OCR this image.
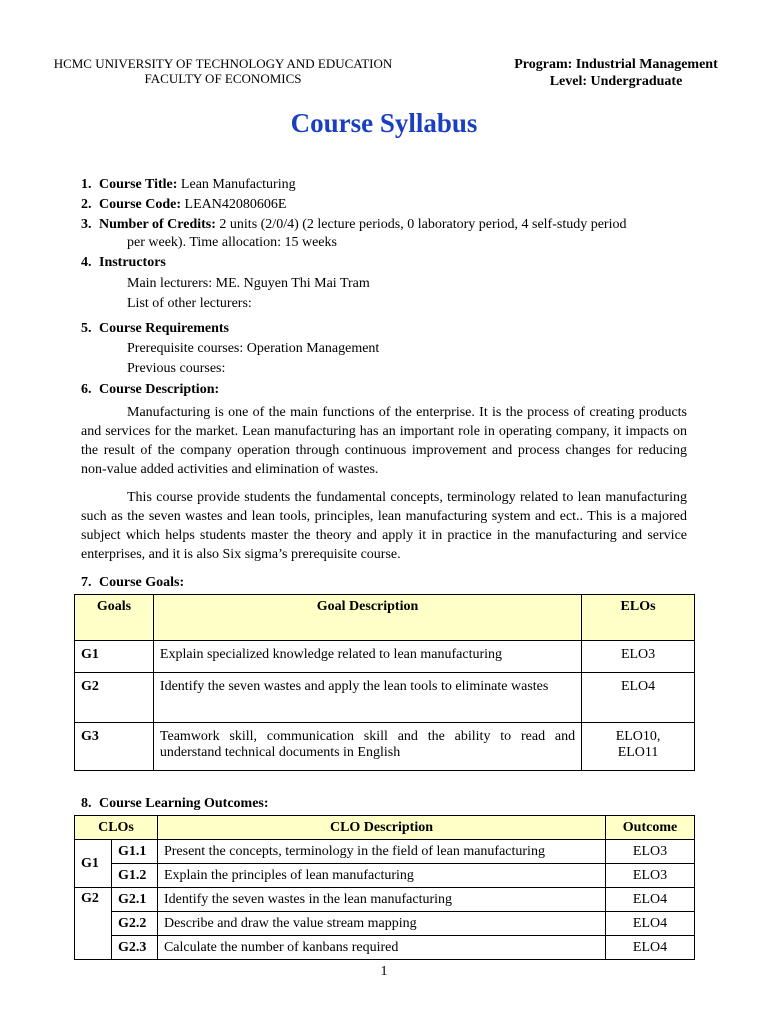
HCMC UNIVERSITY OF TECHNOLOGY AND EDUCATION
FACULTY OF ECONOMICS
Program: Industrial Management
Level: Undergraduate
Course Syllabus
1. Course Title: Lean Manufacturing
2. Course Code: LEAN42080606E
3. Number of Credits: 2 units (2/0/4) (2 lecture periods, 0 laboratory period, 4 self-study period
per week). Time allocation: 15 weeks
4. Instructors
Main lecturers: ME. Nguyen Thi Mai Tram
List of other lecturers:
5. Course Requirements
Prerequisite courses: Operation Management
Previous courses:
6. Course Description:

Manufacturing is one of the main functions of the enterprise. It is the process of creating products and services for the market. Lean manufacturing has an important role in operating company, it impacts on the result of the company operation through continuous improvement and process changes for reducing non-value added activities and elimination of wastes.

This course provide students the fundamental concepts, terminology related to lean manufacturing such as the seven wastes and lean tools, principles, lean manufacturing system and ect.. This is a majored subject which helps students master the theory and apply it in practice in the manufacturing and service enterprises, and it is also Six sigma’s prerequisite course.

7. Course Goals:
Goals	Goal Description	ELOs
G1	Explain specialized knowledge related to lean manufacturing	ELO3
G2	Identify the seven wastes and apply the lean tools to eliminate wastes	ELO4
G3	Teamwork skill, communication skill and the ability to read and understand technical documents in English	ELO10,
ELO11
8. Course Learning Outcomes:
CLOs		CLO Description	Outcome
G1	G1.1	Present the concepts, terminology in the field of lean manufacturing	ELO3
	G1.2	Explain the principles of lean manufacturing	ELO3
G2	G2.1	Identify the seven wastes in the lean manufacturing	ELO4
	G2.2	Describe and draw the value stream mapping	ELO4
	G2.3	Calculate the number of kanbans required	ELO4
1
